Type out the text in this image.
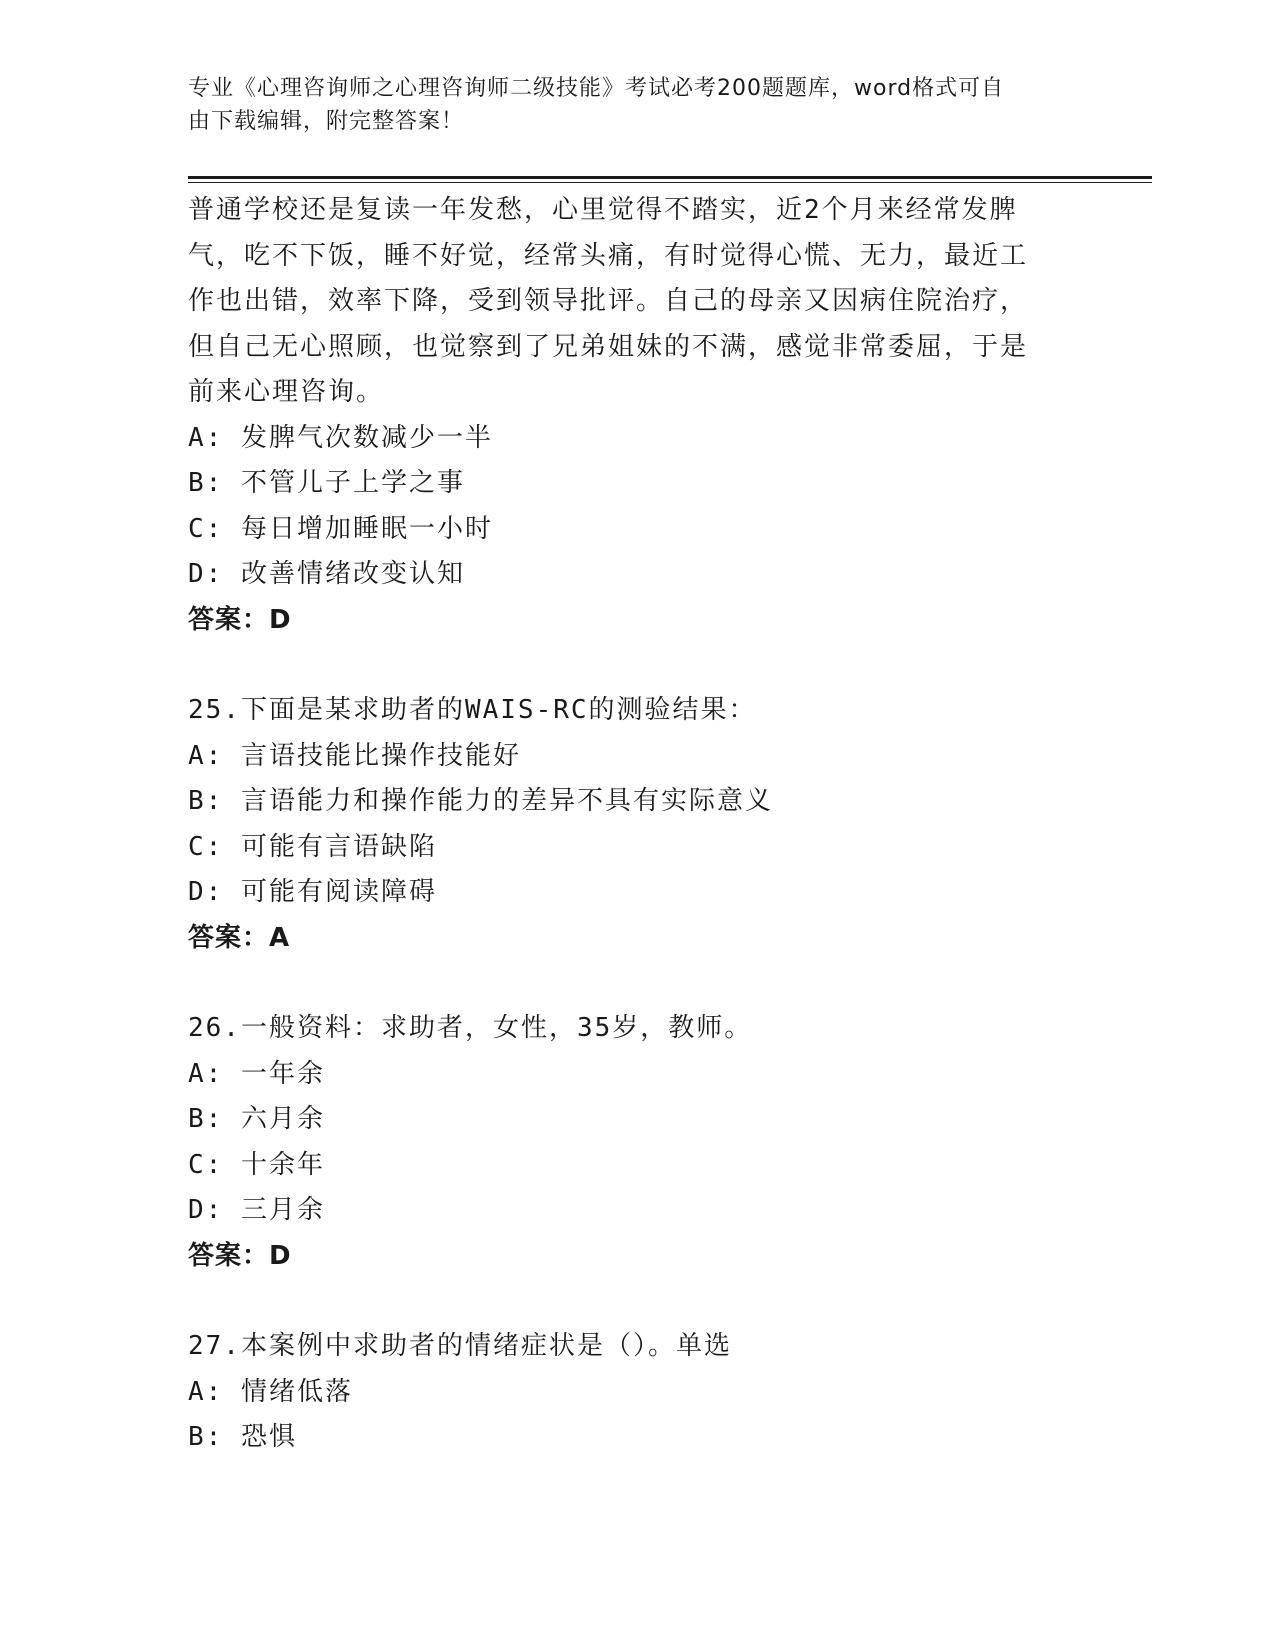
专业《心理咨询师之心理咨询师二级技能》考试必考200题题库，word格式可自
由下载编辑，附完整答案！
普通学校还是复读一年发愁，心里觉得不踏实，近2个月来经常发脾
气，吃不下饭，睡不好觉，经常头痛，有时觉得心慌、无力，最近工
作也出错，效率下降，受到领导批评。自己的母亲又因病住院治疗，
但自己无心照顾，也觉察到了兄弟姐妹的不满，感觉非常委屈，于是
前来心理咨询。
A: 发脾气次数减少一半
B: 不管儿子上学之事
C: 每日增加睡眠一小时
D: 改善情绪改变认知
答案：D
25.下面是某求助者的WAIS-RC的测验结果：
A: 言语技能比操作技能好
B: 言语能力和操作能力的差异不具有实际意义
C: 可能有言语缺陷
D: 可能有阅读障碍
答案：A
26.一般资料：求助者，女性，35岁，教师。
A: 一年余
B: 六月余
C: 十余年
D: 三月余
答案：D
27.本案例中求助者的情绪症状是（）。单选
A: 情绪低落
B: 恐惧
